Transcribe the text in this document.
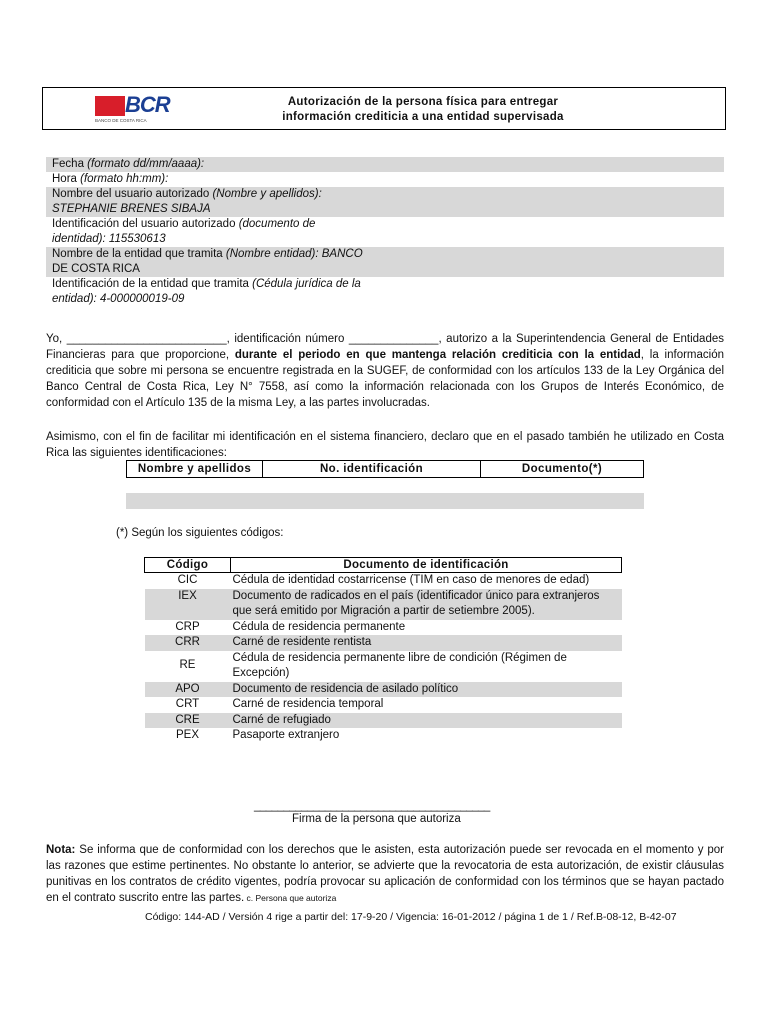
BCR
BANCO DE COSTA RICA
Autorización de la persona física para entregar
información crediticia a una entidad supervisada
Fecha (formato dd/mm/aaaa):
Hora (formato hh:mm):
Nombre del usuario autorizado (Nombre y apellidos):
STEPHANIE BRENES SIBAJA
Identificación del usuario autorizado (documento de
identidad): 115530613
Nombre de la entidad que tramita (Nombre entidad): BANCO
DE COSTA RICA
Identificación de la entidad que tramita (Cédula jurídica de la
entidad): 4-000000019-09
Yo, _________________________, identificación número ______________, autorizo a la Superintendencia General de Entidades Financieras para que proporcione, durante el periodo en que mantenga relación crediticia con la entidad, la información crediticia que sobre mi persona se encuentre registrada en la SUGEF, de conformidad con los artículos 133 de la Ley Orgánica del Banco Central de Costa Rica, Ley N° 7558, así como la información relacionada con los Grupos de Interés Económico, de conformidad con el Artículo 135 de la misma Ley, a las partes involucradas.
Asimismo, con el fin de facilitar mi identificación en el sistema financiero, declaro que en el pasado también he utilizado en Costa Rica las siguientes identificaciones:
Nombre y apellidos	No. identificación	Documento(*)
(*) Según los siguientes códigos:
Código	Documento de identificación
CIC	Cédula de identidad costarricense (TIM en caso de menores de edad)
IEX	Documento de radicados en el país (identificador único para extranjeros que será emitido por Migración a partir de setiembre 2005).
CRP	Cédula de residencia permanente
CRR	Carné de residente rentista
RE	Cédula de residencia permanente libre de condición (Régimen de Excepción)
APO	Documento de residencia de asilado político
CRT	Carné de residencia temporal
CRE	Carné de refugiado
PEX	Pasaporte extranjero
________________________________________
Firma de la persona que autoriza
Nota: Se informa que de conformidad con los derechos que le asisten, esta autorización puede ser revocada en el momento y por las razones que estime pertinentes. No obstante lo anterior, se advierte que la revocatoria de esta autorización, de existir cláusulas punitivas en los contratos de crédito vigentes, podría provocar su aplicación de conformidad con los términos que se hayan pactado en el contrato suscrito entre las partes. c. Persona que autoriza
Código: 144-AD / Versión 4 rige a partir del: 17-9-20 / Vigencia: 16-01-2012 / página 1 de 1 / Ref.B-08-12, B-42-07
